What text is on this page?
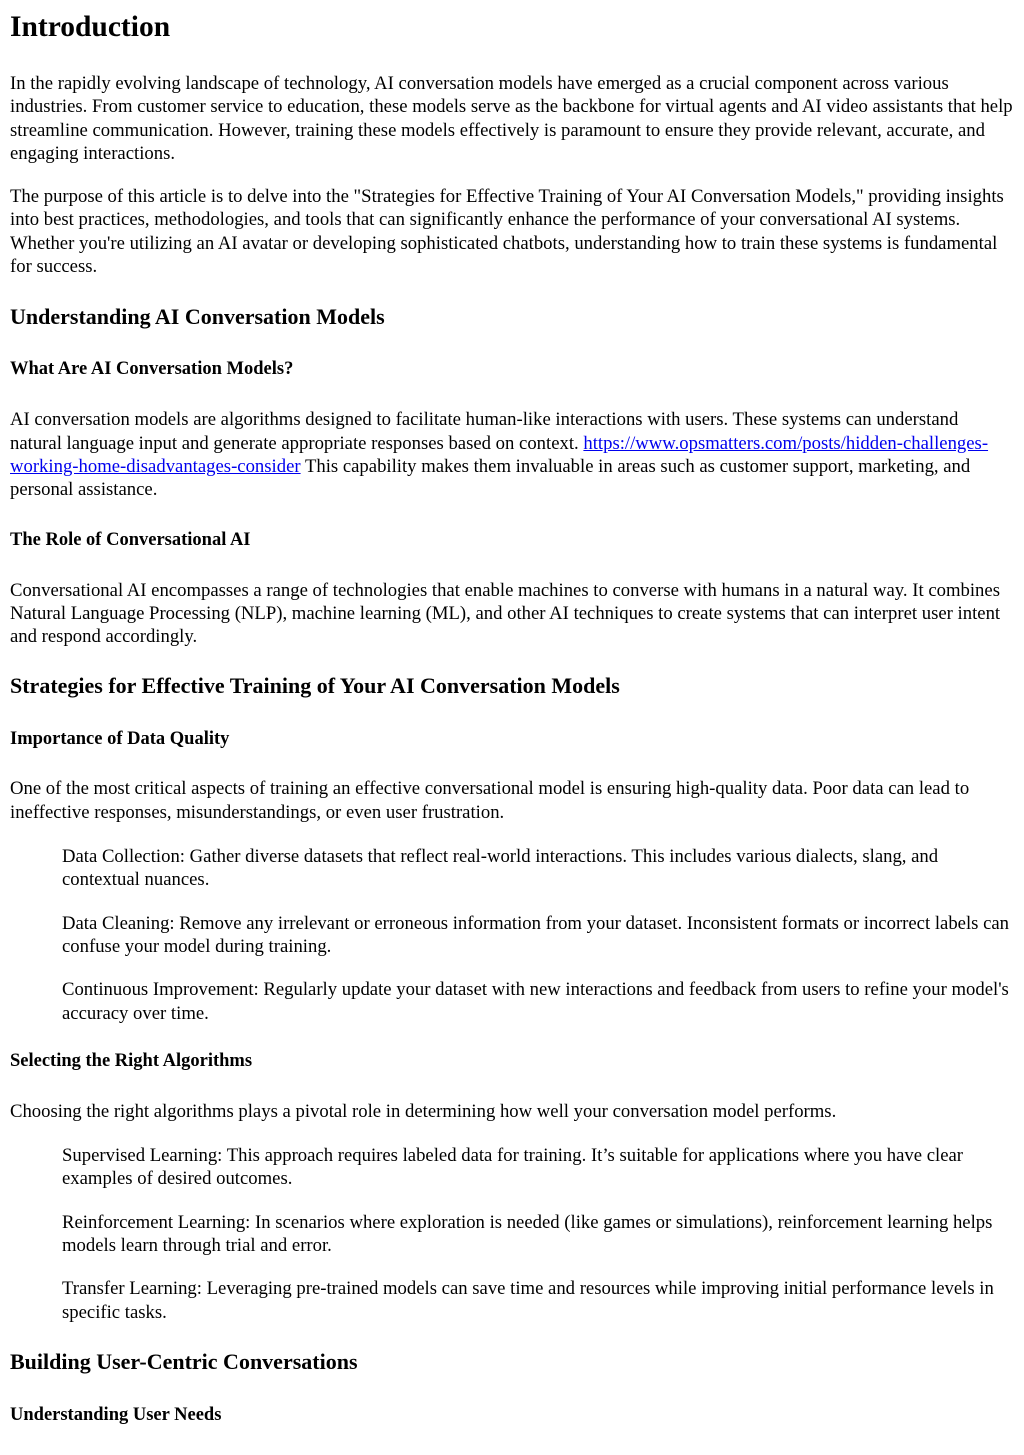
Introduction

In the rapidly evolving landscape of technology, AI conversation models have emerged as a crucial component across various industries. From customer service to education, these models serve as the backbone for virtual agents and AI video assistants that help streamline communication. However, training these models effectively is paramount to ensure they provide relevant, accurate, and engaging interactions.

The purpose of this article is to delve into the "Strategies for Effective Training of Your AI Conversation Models," providing insights into best practices, methodologies, and tools that can significantly enhance the performance of your conversational AI systems. Whether you're utilizing an AI avatar or developing sophisticated chatbots, understanding how to train these systems is fundamental for success.

Understanding AI Conversation Models
What Are AI Conversation Models?

AI conversation models are algorithms designed to facilitate human-like interactions with users. These systems can understand natural language input and generate appropriate responses based on context. https://www.opsmatters.com/posts/hidden-challenges-working-home-disadvantages-consider This capability makes them invaluable in areas such as customer support, marketing, and personal assistance.

The Role of Conversational AI

Conversational AI encompasses a range of technologies that enable machines to converse with humans in a natural way. It combines Natural Language Processing (NLP), machine learning (ML), and other AI techniques to create systems that can interpret user intent and respond accordingly.

Strategies for Effective Training of Your AI Conversation Models
Importance of Data Quality

One of the most critical aspects of training an effective conversational model is ensuring high-quality data. Poor data can lead to ineffective responses, misunderstandings, or even user frustration.

Data Collection: Gather diverse datasets that reflect real-world interactions. This includes various dialects, slang, and contextual nuances.

Data Cleaning: Remove any irrelevant or erroneous information from your dataset. Inconsistent formats or incorrect labels can confuse your model during training.

Continuous Improvement: Regularly update your dataset with new interactions and feedback from users to refine your model's accuracy over time.

Selecting the Right Algorithms

Choosing the right algorithms plays a pivotal role in determining how well your conversation model performs.

Supervised Learning: This approach requires labeled data for training. It’s suitable for applications where you have clear examples of desired outcomes.

Reinforcement Learning: In scenarios where exploration is needed (like games or simulations), reinforcement learning helps models learn through trial and error.

Transfer Learning: Leveraging pre-trained models can save time and resources while improving initial performance levels in specific tasks.

Building User-Centric Conversations
Understanding User Needs
